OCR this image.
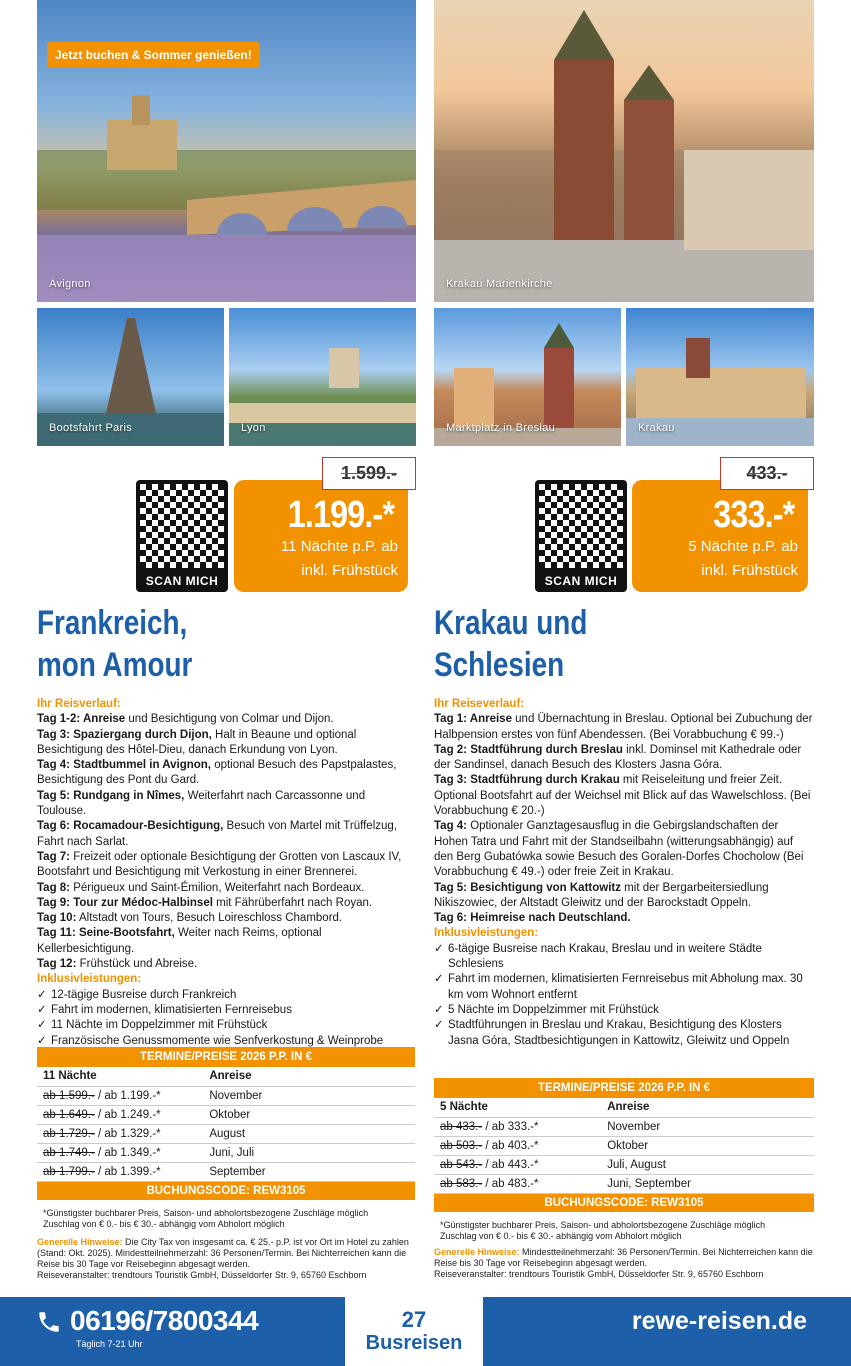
Avignon
Jetzt buchen & Sommer genießen!
Krakau Marienkirche
Bootsfahrt Paris	Lyon	Marktplatz in Breslau	Krakau
SCAN MICH
1.199.-*
11 Nächte p.P. ab
inkl. Frühstück
1.599.-
Frankreich,
mon Amour

Ihr Reisverlauf:

Tag 1-2: Anreise und Besichtigung von Colmar und Dijon.

Tag 3: Spaziergang durch Dijon, Halt in Beaune und optional Besichtigung des Hôtel-Dieu, danach Erkundung von Lyon.

Tag 4: Stadtbummel in Avignon, optional Besuch des Papstpalastes, Besichtigung des Pont du Gard.

Tag 5: Rundgang in Nîmes, Weiterfahrt nach Carcassonne und Toulouse.

Tag 6: Rocamadour-Besichtigung, Besuch von Martel mit Trüffelzug, Fahrt nach Sarlat.

Tag 7: Freizeit oder optionale Besichtigung der Grotten von Lascaux IV, Bootsfahrt und Besichtigung mit Verkostung in einer Brennerei.

Tag 8: Périgueux und Saint-Émilion, Weiterfahrt nach Bordeaux.

Tag 9: Tour zur Médoc-Halbinsel mit Fährüberfahrt nach Royan.

Tag 10: Altstadt von Tours, Besuch Loireschloss Chambord.

Tag 11: Seine-Bootsfahrt, Weiter nach Reims, optional Kellerbesichtigung.

Tag 12: Frühstück und Abreise.

Inklusivleistungen:

✓ 12-tägige Busreise durch Frankreich
✓ Fahrt im modernen, klimatisierten Fernreisebus
✓ 11 Nächte im Doppelzimmer mit Frühstück
✓ Französische Genussmomente wie Senfverkostung & Weinprobe
TERMINE/PREISE 2026 P.P. IN €	
11 Nächte	Anreise
ab 1.599.- / ab 1.199.-*	November
ab 1.649.- / ab 1.249.-*	Oktober
ab 1.729.- / ab 1.329.-*	August
ab 1.749.- / ab 1.349.-*	Juni, Juli
ab 1.799.- / ab 1.399.-*	September
BUCHUNGSCODE: REW3105	

*Günstigster buchbarer Preis, Saison- und abholortsbezogene Zuschläge möglich

Zuschlag von € 0.- bis € 30.- abhängig vom Abholort möglich

Generelle Hinweise: Die City Tax von insgesamt ca. € 25.- p.P. ist vor Ort im Hotel zu zahlen (Stand: Okt. 2025). Mindestteilnehmerzahl: 36 Personen/Termin. Bei Nichterreichen kann die Reise bis 30 Tage vor Reisebeginn abgesagt werden.

Reiseveranstalter: trendtours Touristik GmbH, Düsseldorfer Str. 9, 65760 Eschborn

SCAN MICH
333.-*
5 Nächte p.P. ab
inkl. Frühstück
433.-
Krakau und
Schlesien

Ihr Reiseverlauf:

Tag 1: Anreise und Übernachtung in Breslau. Optional bei Zubuchung der Halbpension erstes von fünf Abendessen. (Bei Vorabbuchung € 99.-)

Tag 2: Stadtführung durch Breslau inkl. Dominsel mit Kathedrale oder der Sandinsel, danach Besuch des Klosters Jasna Góra.

Tag 3: Stadtführung durch Krakau mit Reiseleitung und freier Zeit. Optional Bootsfahrt auf der Weichsel mit Blick auf das Wawelschloss. (Bei Vorabbuchung € 20.-)

Tag 4: Optionaler Ganztagesausflug in die Gebirgslandschaften der Hohen Tatra und Fahrt mit der Standseilbahn (witterungsabhängig) auf den Berg Gubatówka sowie Besuch des Goralen-Dorfes Chocholow (Bei Vorabbuchung € 49.-) oder freie Zeit in Krakau.

Tag 5: Besichtigung von Kattowitz mit der Bergarbeitersiedlung Nikiszowiec, der Altstadt Gleiwitz und der Barockstadt Oppeln.

Tag 6: Heimreise nach Deutschland.

Inklusivleistungen:

✓ 6-tägige Busreise nach Krakau, Breslau und in weitere Städte Schlesiens
✓ Fahrt im modernen, klimatisierten Fernreisebus mit Abholung max. 30 km vom Wohnort entfernt
✓ 5 Nächte im Doppelzimmer mit Frühstück
✓ Stadtführungen in Breslau und Krakau, Besichtigung des Klosters Jasna Góra, Stadtbesichtigungen in Kattowitz, Gleiwitz und Oppeln
TERMINE/PREISE 2026 P.P. IN €	
5 Nächte	Anreise
ab 433.- / ab 333.-*	November
ab 503.- / ab 403.-*	Oktober
ab 543.- / ab 443.-*	Juli, August
ab 583.- / ab 483.-*	Juni, September
BUCHUNGSCODE: REW3105	

*Günstigster buchbarer Preis, Saison- und abholortsbezogene Zuschläge möglich

Zuschlag von € 0.- bis € 30.- abhängig vom Abholort möglich

Generelle Hinweise: Mindestteilnehmerzahl: 36 Personen/Termin. Bei Nichterreichen kann die Reise bis 30 Tage vor Reisebeginn abgesagt werden.

Reiseveranstalter: trendtours Touristik GmbH, Düsseldorfer Str. 9, 65760 Eschborn

06196/7800344
Täglich 7-21 Uhr
27
Busreisen
rewe-reisen.de
